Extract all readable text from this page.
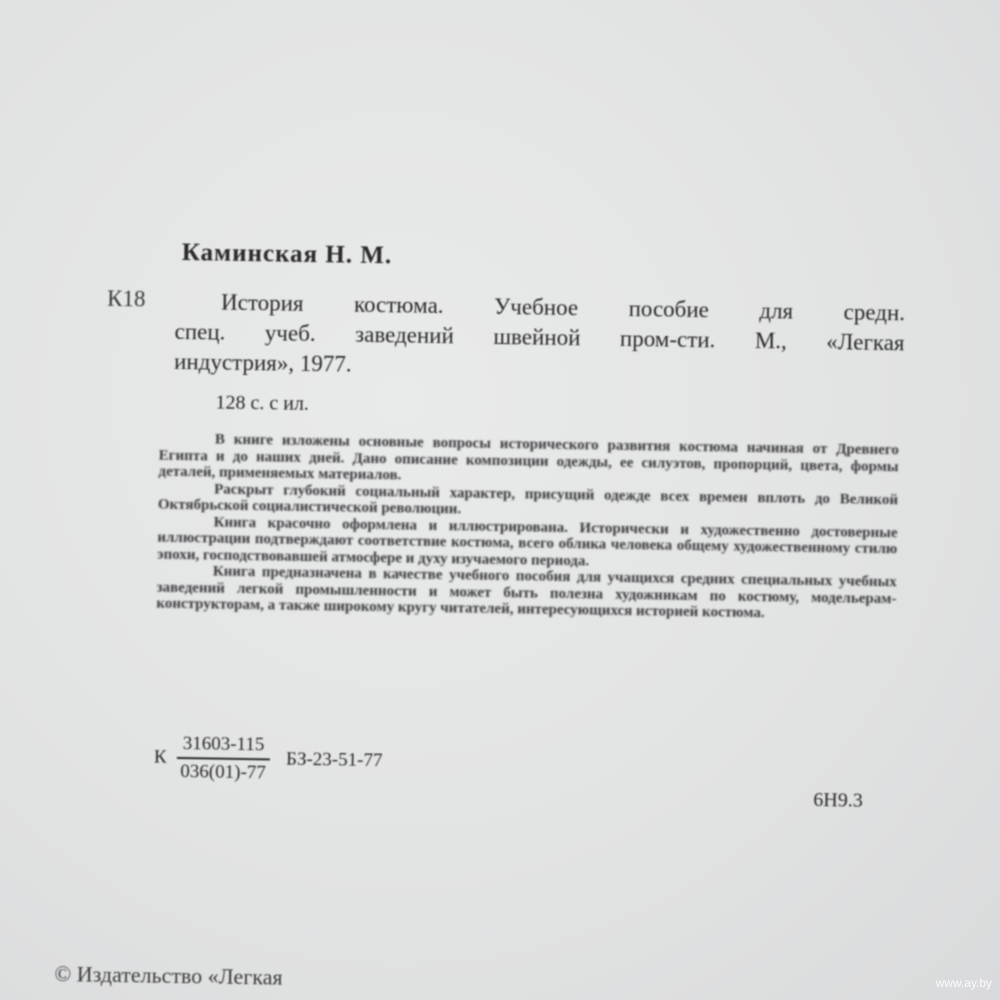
Каминская Н. М.
К18	История костюма. Учебное пособие для средн.
спец. учеб. заведений швейной пром-сти. М., «Легкая
индустрия», 1977.
128 с. с ил.

В книге изложены основные вопросы исторического развития костюма начиная от Древнего Египта и до наших дней. Дано описание композиции одежды, ее силуэтов, пропорций, цвета, формы деталей, применяемых материалов.

Раскрыт глубокий социальный характер, присущий одежде всех времен вплоть до Великой Октябрьской социалистической революции.

Книга красочно оформлена и иллюстрирована. Исторически и художественно достоверные иллюстрации подтверждают соответствие костюма, всего облика человека общему художественному стилю эпохи, господствовавшей атмосфере и духу изучаемого периода.

Книга предназначена в качестве учебного пособия для учащихся средних специальных учебных заведений легкой промышленности и может быть полезна художникам по костюму, модельерам-конструкторам, а также широкому кругу читателей, интересующихся историей костюма.

К $\frac{31603-115}{036(01)-77} БЗ-23-51-77$
6Н9.3
© Издательство «Легкая	www.ay.by
